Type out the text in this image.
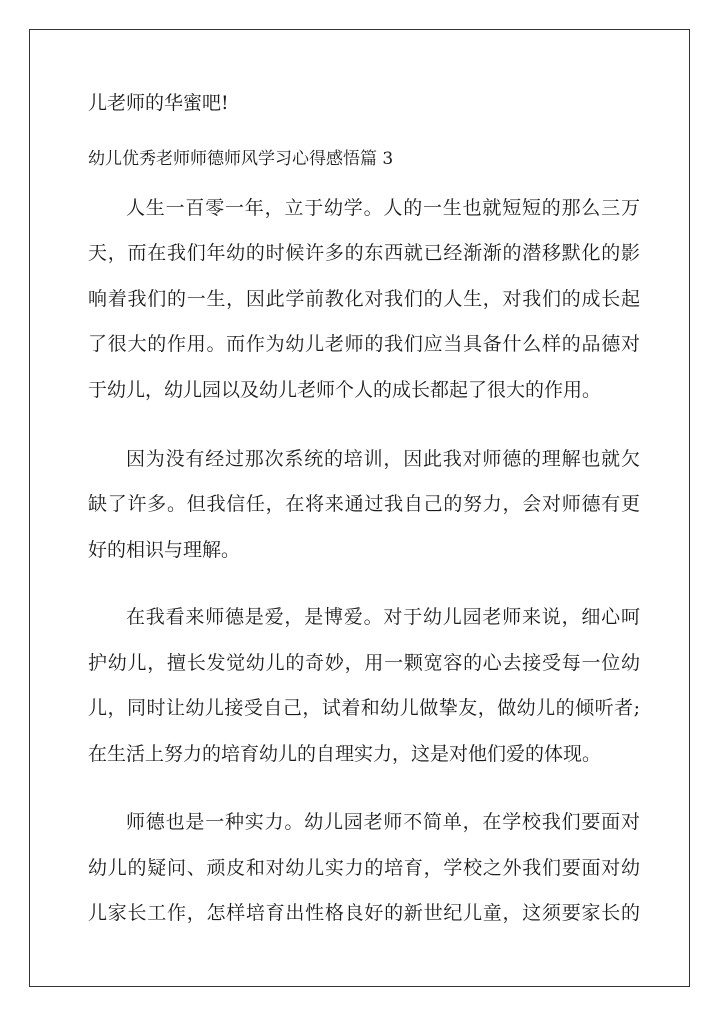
儿老师的华蜜吧!
幼儿优秀老师师德师风学习心得感悟篇 3
人生一百零一年，立于幼学。人的一生也就短短的那么三万
天，而在我们年幼的时候许多的东西就已经渐渐的潜移默化的影
响着我们的一生，因此学前教化对我们的人生，对我们的成长起
了很大的作用。而作为幼儿老师的我们应当具备什么样的品德对
于幼儿，幼儿园以及幼儿老师个人的成长都起了很大的作用。
因为没有经过那次系统的培训，因此我对师德的理解也就欠
缺了许多。但我信任，在将来通过我自己的努力，会对师德有更
好的相识与理解。
在我看来师德是爱，是博爱。对于幼儿园老师来说，细心呵
护幼儿，擅长发觉幼儿的奇妙，用一颗宽容的心去接受每一位幼
儿，同时让幼儿接受自己，试着和幼儿做挚友，做幼儿的倾听者;
在生活上努力的培育幼儿的自理实力，这是对他们爱的体现。
师德也是一种实力。幼儿园老师不简单，在学校我们要面对
幼儿的疑问、顽皮和对幼儿实力的培育，学校之外我们要面对幼
儿家长工作，怎样培育出性格良好的新世纪儿童，这须要家长的
